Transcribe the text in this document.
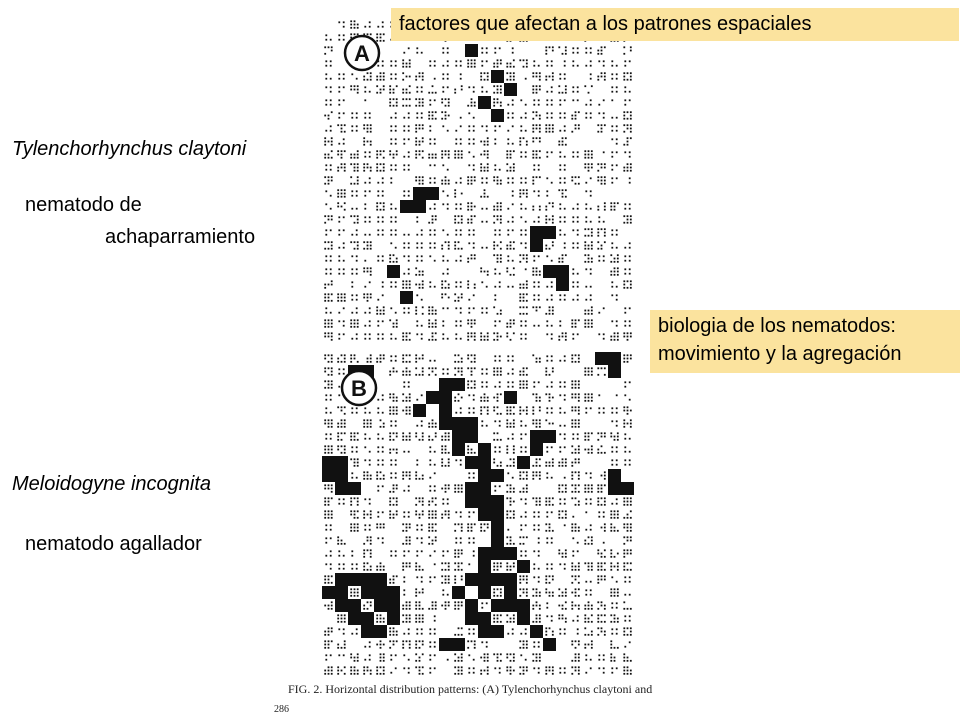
A
B
FIG. 2. Horizontal distribution patterns: (A) Tylenchorhynchus claytoni and
286
factores que afectan a los patrones espaciales
biologia de los nematodos:
movimiento y la agregación
Tylenchorhynchus claytoni
nematodo de
achaparramiento
Meloidogyne incognita
nematodo agallador
